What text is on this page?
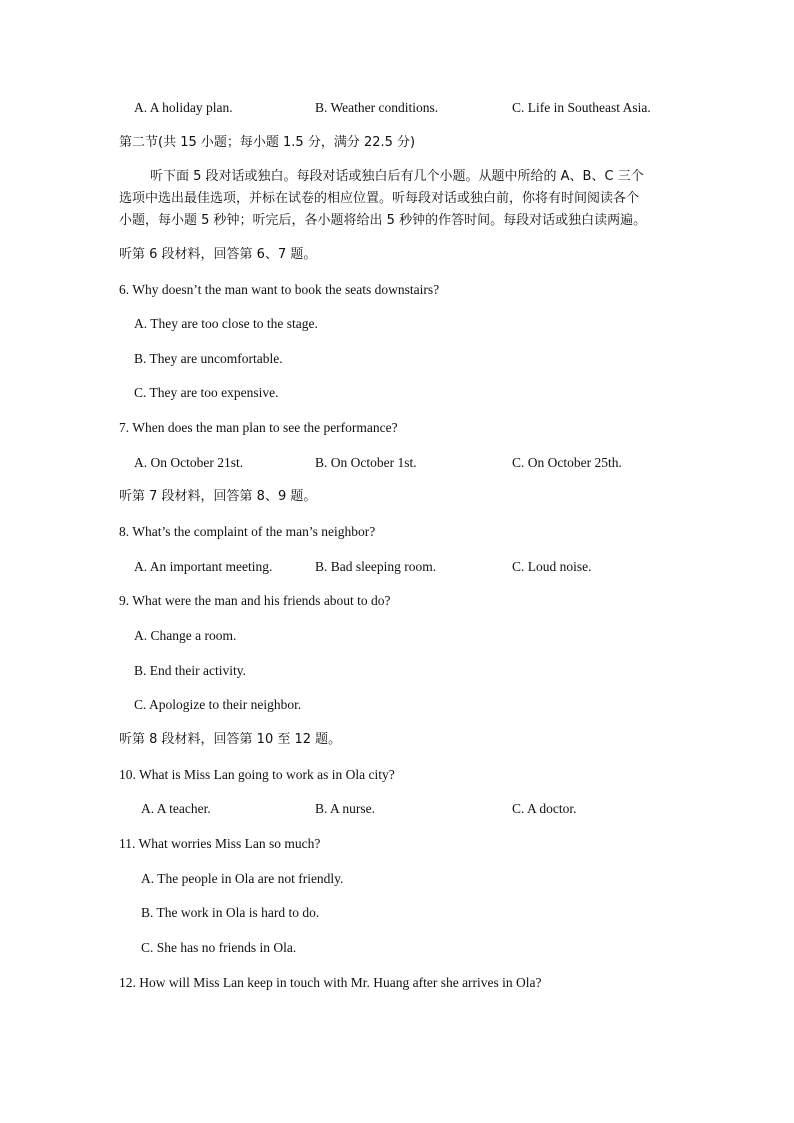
A. A holiday plan.	B. Weather conditions.	C. Life in Southeast Asia.
第二节(共 15 小题；每小题 1.5 分，满分 22.5 分)
听下面 5 段对话或独白。每段对话或独白后有几个小题。从题中所给的 A、B、C 三个
选项中选出最佳选项，并标在试卷的相应位置。听每段对话或独白前，你将有时间阅读各个
小题，每小题 5 秒钟；听完后，各小题将给出 5 秒钟的作答时间。每段对话或独白读两遍。
听第 6 段材料，回答第 6、7 题。
6. Why doesn’t the man want to book the seats downstairs?
A. They are too close to the stage.
B. They are uncomfortable.
C. They are too expensive.
7. When does the man plan to see the performance?
A. On October 21st.	B. On October 1st.	C. On October 25th.
听第 7 段材料，回答第 8、9 题。
8. What’s the complaint of the man’s neighbor?
A. An important meeting.	B. Bad sleeping room.	C. Loud noise.
9. What were the man and his friends about to do?
A. Change a room.
B. End their activity.
C. Apologize to their neighbor.
听第 8 段材料，回答第 10 至 12 题。
10. What is Miss Lan going to work as in Ola city?
A. A teacher.	B. A nurse.	C. A doctor.
11. What worries Miss Lan so much?
A. The people in Ola are not friendly.
B. The work in Ola is hard to do.
C. She has no friends in Ola.
12. How will Miss Lan keep in touch with Mr. Huang after she arrives in Ola?
